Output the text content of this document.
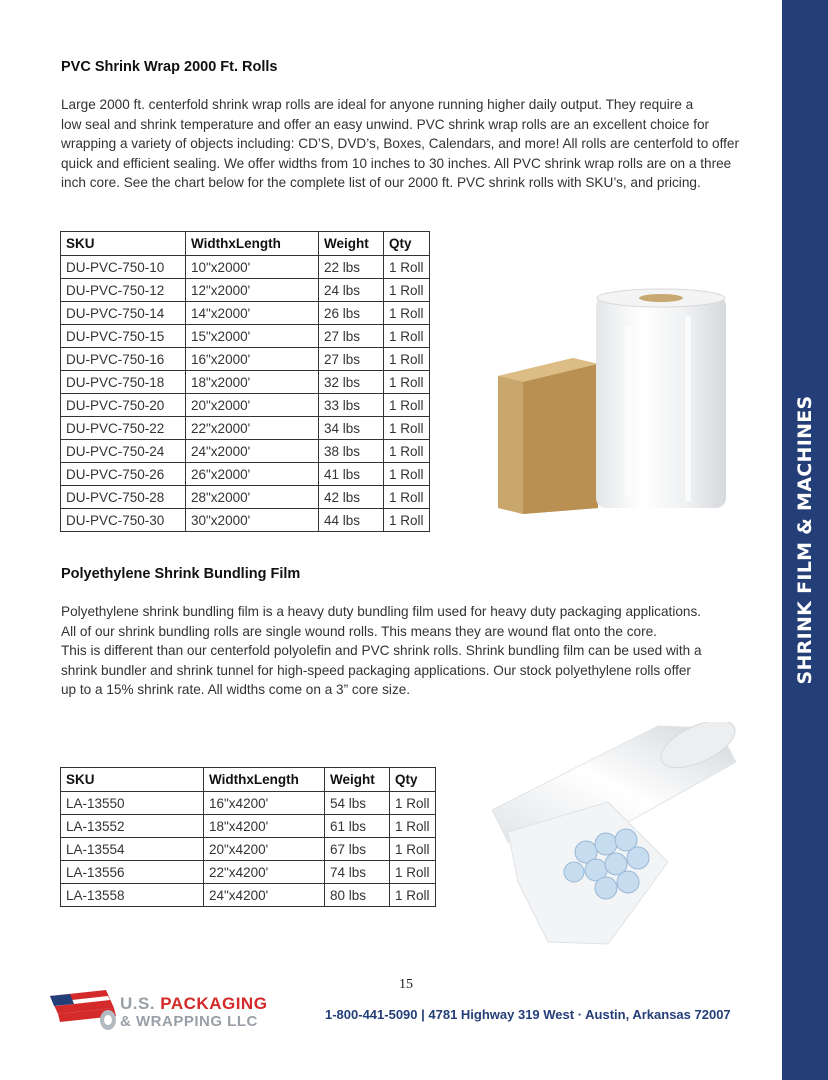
SHRINK FILM & MACHINES
PVC Shrink Wrap 2000 Ft. Rolls

Large 2000 ft. centerfold shrink wrap rolls are ideal for anyone running higher daily output. They require a

low seal and shrink temperature and offer an easy unwind. PVC shrink wrap rolls are an excellent choice for

wrapping a variety of objects including: CD’S, DVD’s, Boxes, Calendars, and more! All rolls are centerfold to offer

quick and efficient sealing. We offer widths from 10 inches to 30 inches. All PVC shrink wrap rolls are on a three

inch core. See the chart below for the complete list of our 2000 ft. PVC shrink rolls with SKU’s, and pricing.

SKU	WidthxLength	Weight	Qty
DU-PVC-750-10	10"x2000'	22 lbs	1 Roll
DU-PVC-750-12	12"x2000'	24 lbs	1 Roll
DU-PVC-750-14	14"x2000'	26 lbs	1 Roll
DU-PVC-750-15	15"x2000'	27 lbs	1 Roll
DU-PVC-750-16	16"x2000'	27 lbs	1 Roll
DU-PVC-750-18	18"x2000'	32 lbs	1 Roll
DU-PVC-750-20	20"x2000'	33 lbs	1 Roll
DU-PVC-750-22	22"x2000'	34 lbs	1 Roll
DU-PVC-750-24	24"x2000'	38 lbs	1 Roll
DU-PVC-750-26	26"x2000'	41 lbs	1 Roll
DU-PVC-750-28	28"x2000'	42 lbs	1 Roll
DU-PVC-750-30	30"x2000'	44 lbs	1 Roll
Polyethylene Shrink Bundling Film

Polyethylene shrink bundling film is a heavy duty bundling film used for heavy duty packaging applications.

All of our shrink bundling rolls are single wound rolls. This means they are wound flat onto the core.

This is different than our centerfold polyolefin and PVC shrink rolls. Shrink bundling film can be used with a

shrink bundler and shrink tunnel for high-speed packaging applications. Our stock polyethylene rolls offer

up to a 15% shrink rate. All widths come on a 3” core size.

SKU	WidthxLength	Weight	Qty
LA-13550	16"x4200'	54 lbs	1 Roll
LA-13552	18"x4200'	61 lbs	1 Roll
LA-13554	20"x4200'	67 lbs	1 Roll
LA-13556	22"x4200'	74 lbs	1 Roll
LA-13558	24"x4200'	80 lbs	1 Roll
15
U.S. PACKAGING
& WRAPPING LLC	1-800-441-5090 | 4781 Highway 319 West · Austin, Arkansas 72007
